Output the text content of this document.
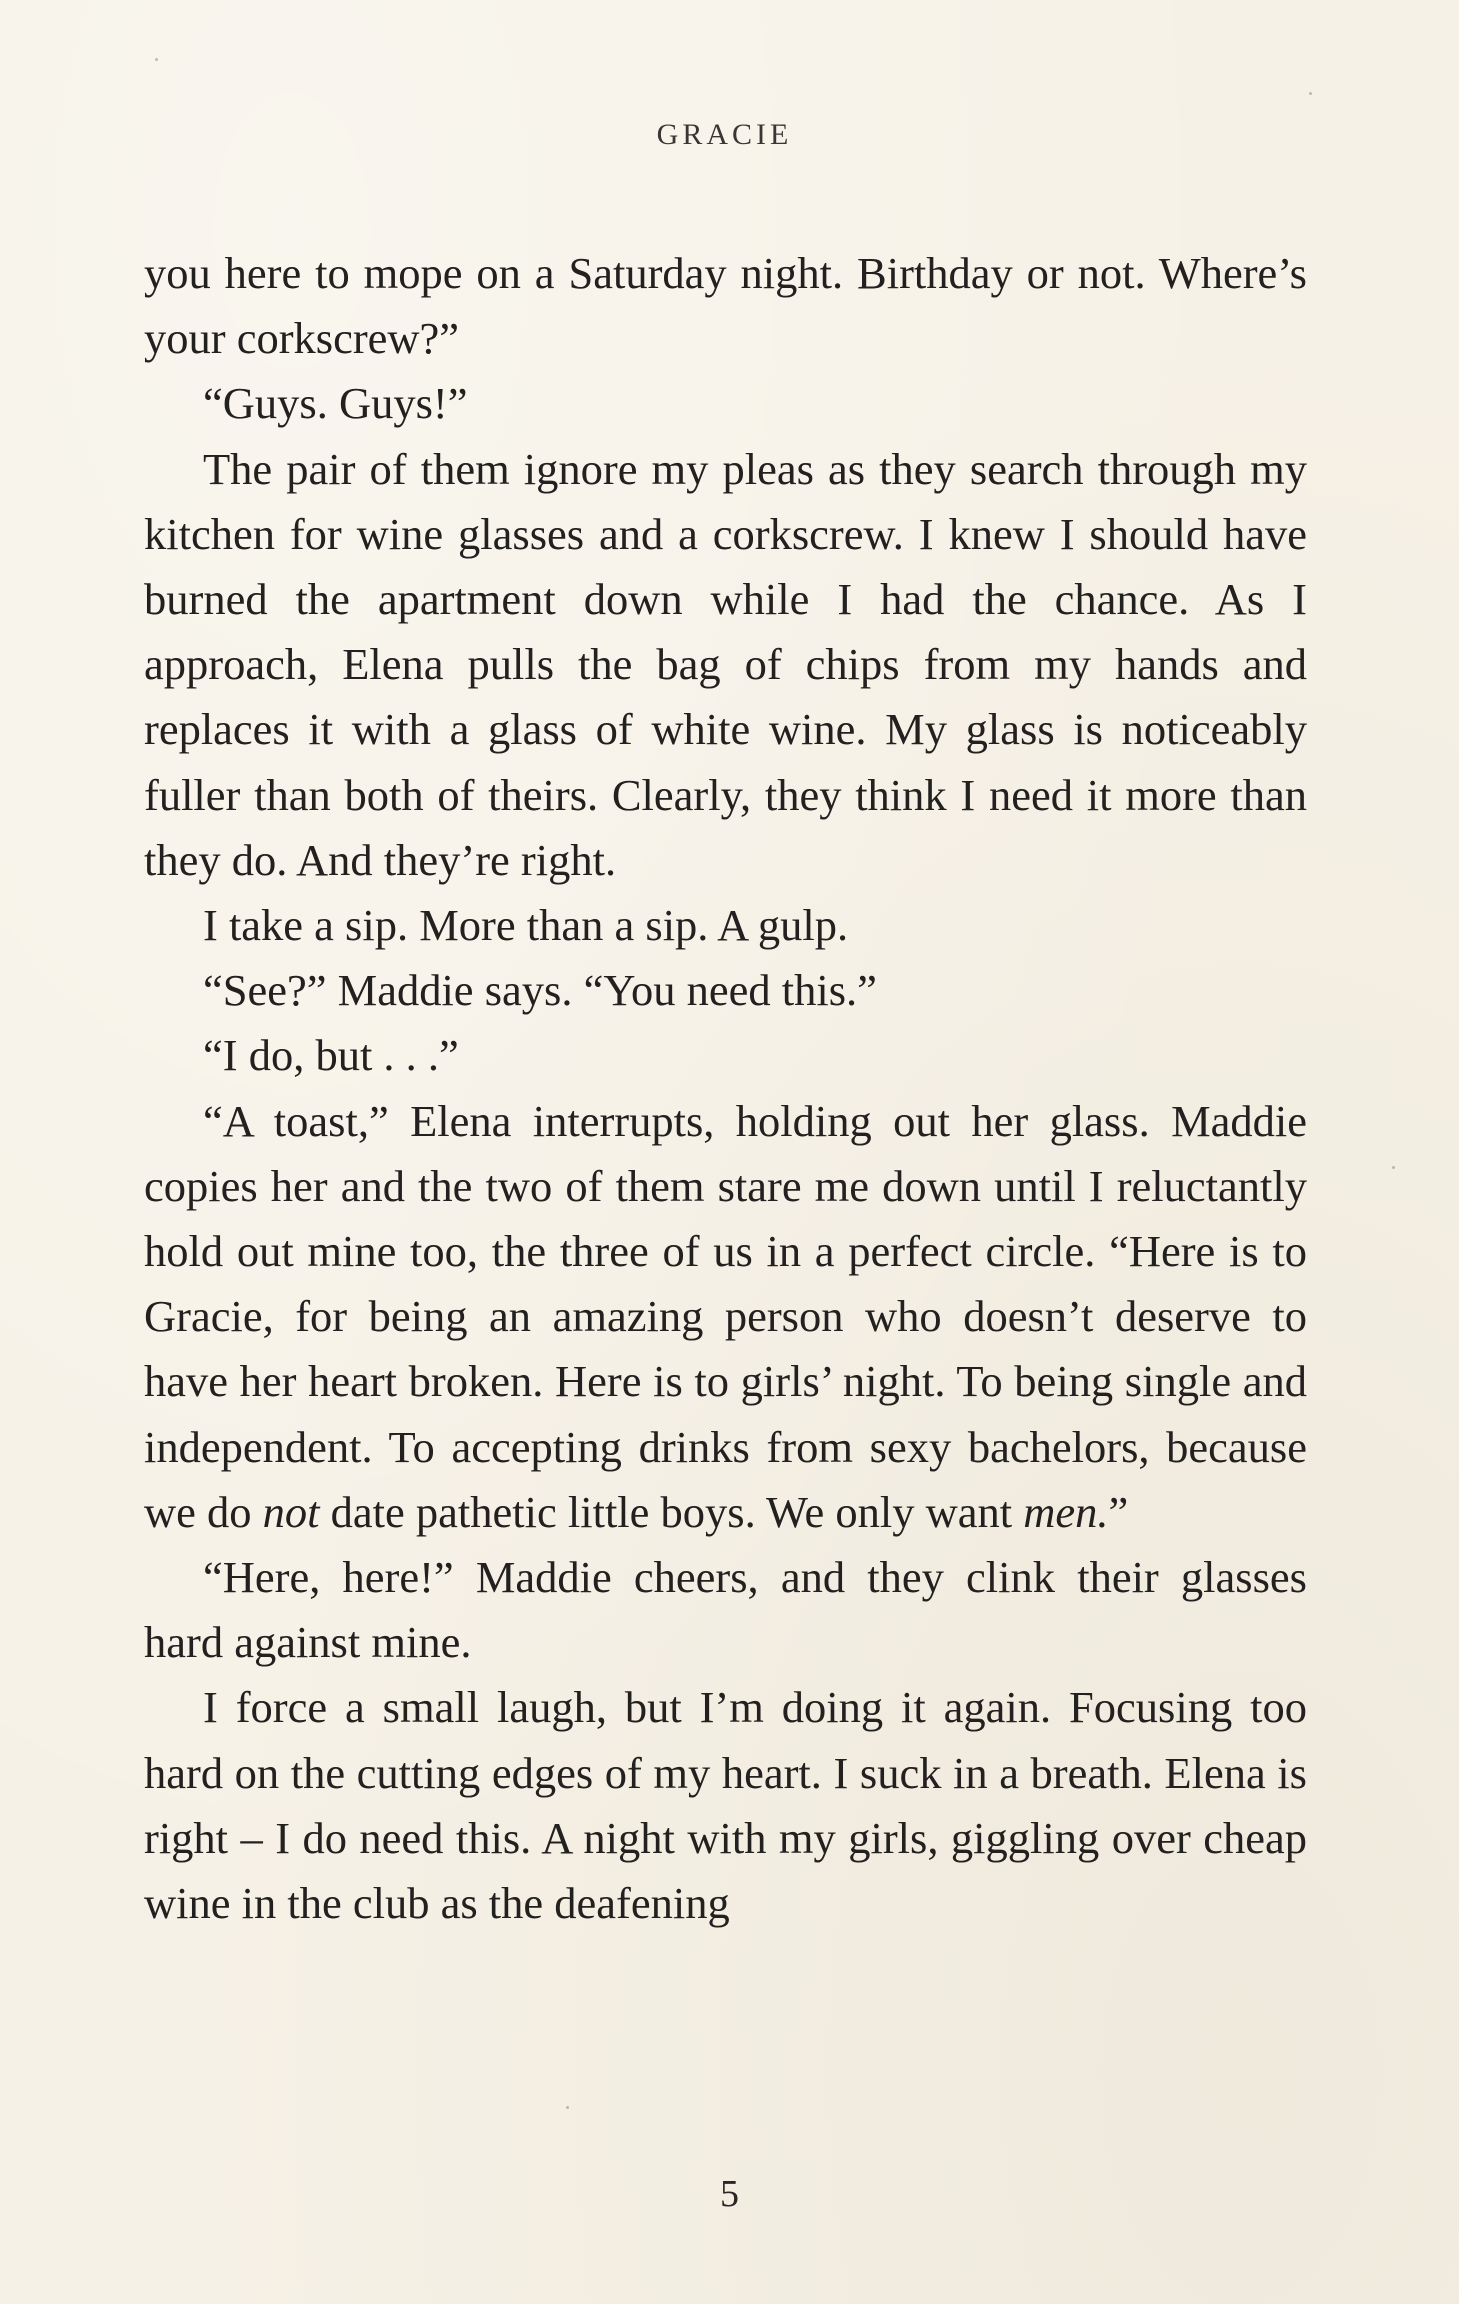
GRACIE

you here to mope on a Saturday night. Birthday or not. Where’s your corkscrew?”

“Guys. Guys!”

The pair of them ignore my pleas as they search through my kitchen for wine glasses and a corkscrew. I knew I should have burned the apartment down while I had the chance. As I approach, Elena pulls the bag of chips from my hands and replaces it with a glass of white wine. My glass is noticeably fuller than both of theirs. Clearly, they think I need it more than they do. And they’re right.

I take a sip. More than a sip. A gulp.

“See?” Maddie says. “You need this.”

“I do, but . . .”

“A toast,” Elena interrupts, holding out her glass. Maddie copies her and the two of them stare me down until I reluctantly hold out mine too, the three of us in a perfect circle. “Here is to Gracie, for being an amazing person who doesn’t deserve to have her heart broken. Here is to girls’ night. To being single and independent. To accepting drinks from sexy bachelors, because we do not date pathetic little boys. We only want men.”

“Here, here!” Maddie cheers, and they clink their glasses hard against mine.

I force a small laugh, but I’m doing it again. Focusing too hard on the cutting edges of my heart. I suck in a breath. Elena is right – I do need this. A night with my girls, giggling over cheap wine in the club as the deafening

5
